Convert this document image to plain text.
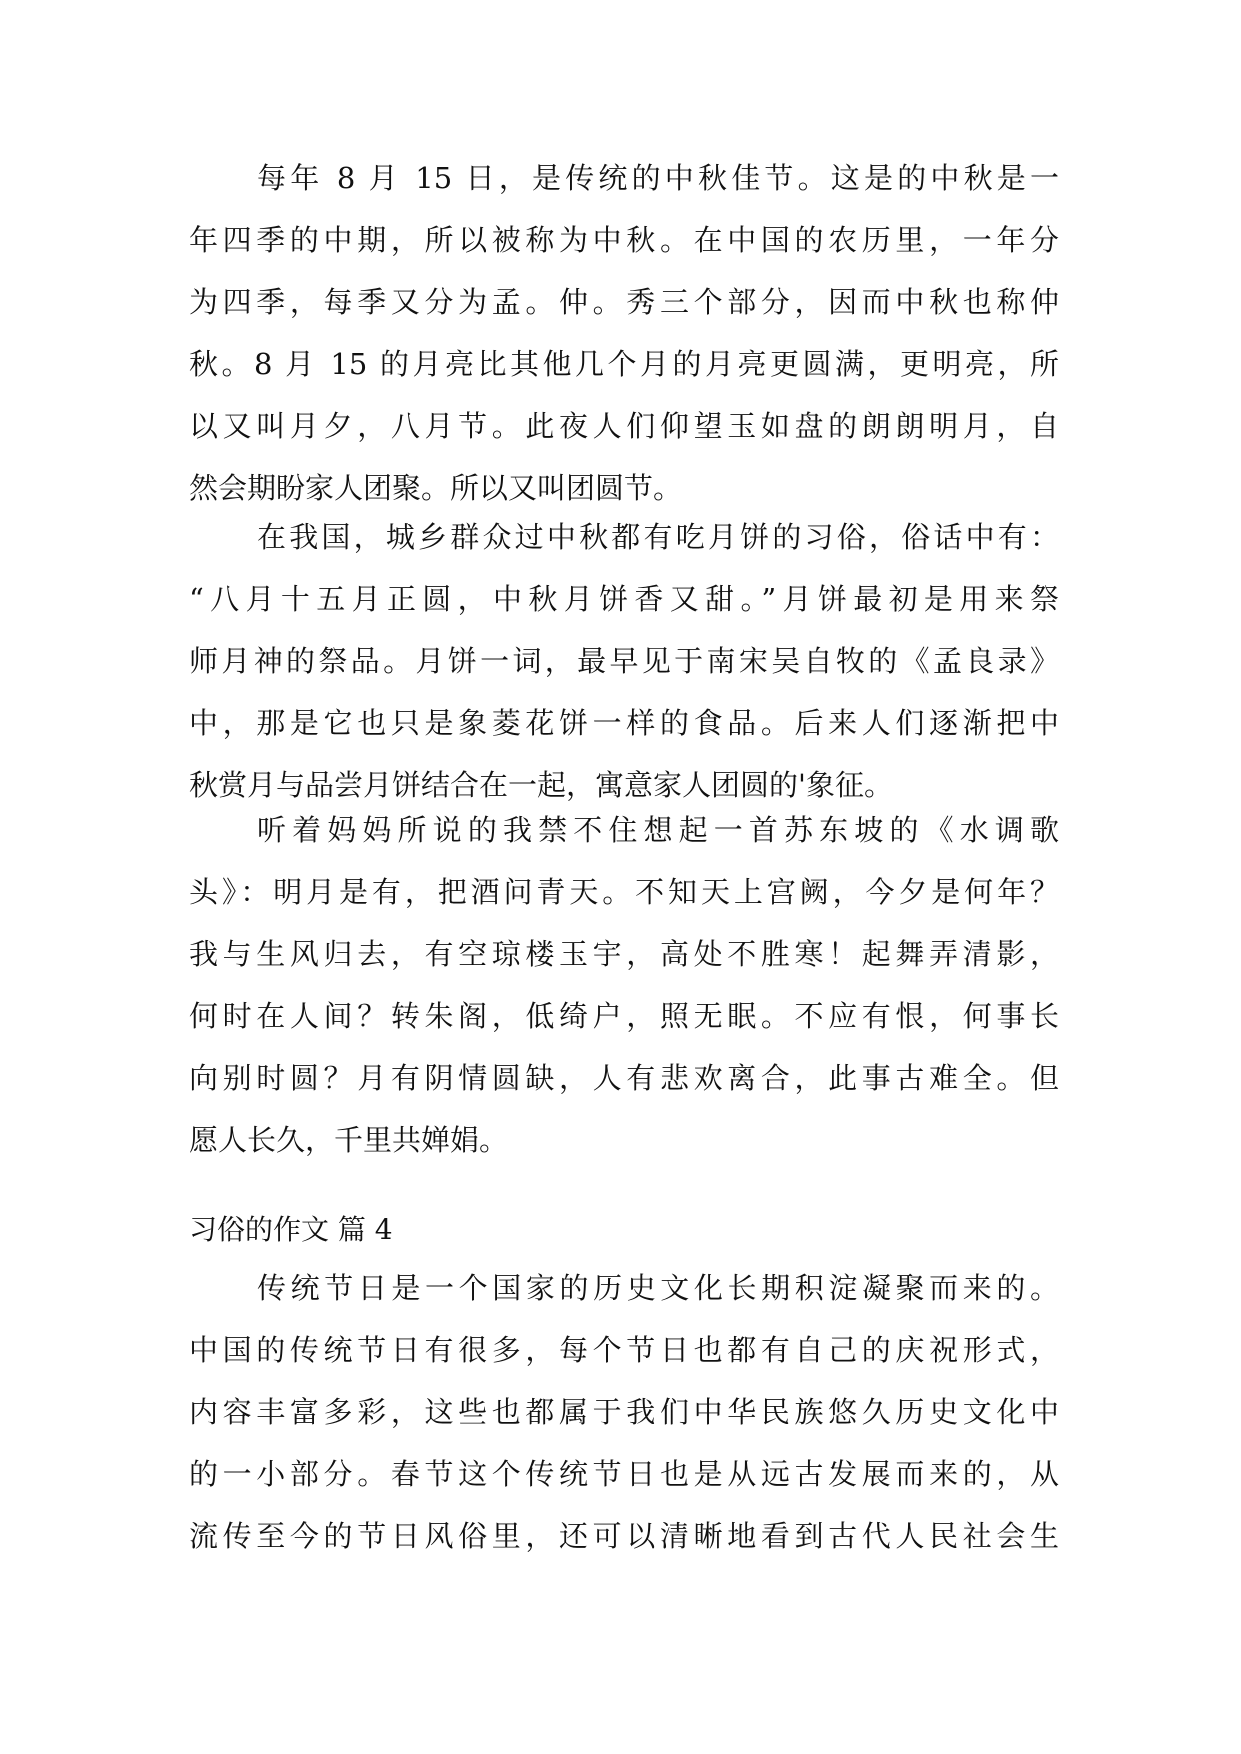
每年 8 月 15 日，是传统的中秋佳节。这是的中秋是一
年四季的中期，所以被称为中秋。在中国的农历里，一年分
为四季，每季又分为孟。仲。秀三个部分，因而中秋也称仲
秋。8 月 15 的月亮比其他几个月的月亮更圆满，更明亮，所
以又叫月夕，八月节。此夜人们仰望玉如盘的朗朗明月，自
然会期盼家人团聚。所以又叫团圆节。
在我国，城乡群众过中秋都有吃月饼的习俗，俗话中有：
“八月十五月正圆，中秋月饼香又甜。”月饼最初是用来祭
师月神的祭品。月饼一词，最早见于南宋吴自牧的《孟良录》
中，那是它也只是象菱花饼一样的食品。后来人们逐渐把中
秋赏月与品尝月饼结合在一起，寓意家人团圆的'象征。
听着妈妈所说的我禁不住想起一首苏东坡的《水调歌
头》：明月是有，把酒问青天。不知天上宫阙，今夕是何年？
我与生风归去，有空琼楼玉宇，高处不胜寒！起舞弄清影，
何时在人间？转朱阁，低绮户，照无眠。不应有恨，何事长
向别时圆？月有阴情圆缺，人有悲欢离合，此事古难全。但
愿人长久，千里共婵娟。
习俗的作文 篇 4
传统节日是一个国家的历史文化长期积淀凝聚而来的。
中国的传统节日有很多，每个节日也都有自己的庆祝形式，
内容丰富多彩，这些也都属于我们中华民族悠久历史文化中
的一小部分。春节这个传统节日也是从远古发展而来的，从
流传至今的节日风俗里，还可以清晰地看到古代人民社会生
